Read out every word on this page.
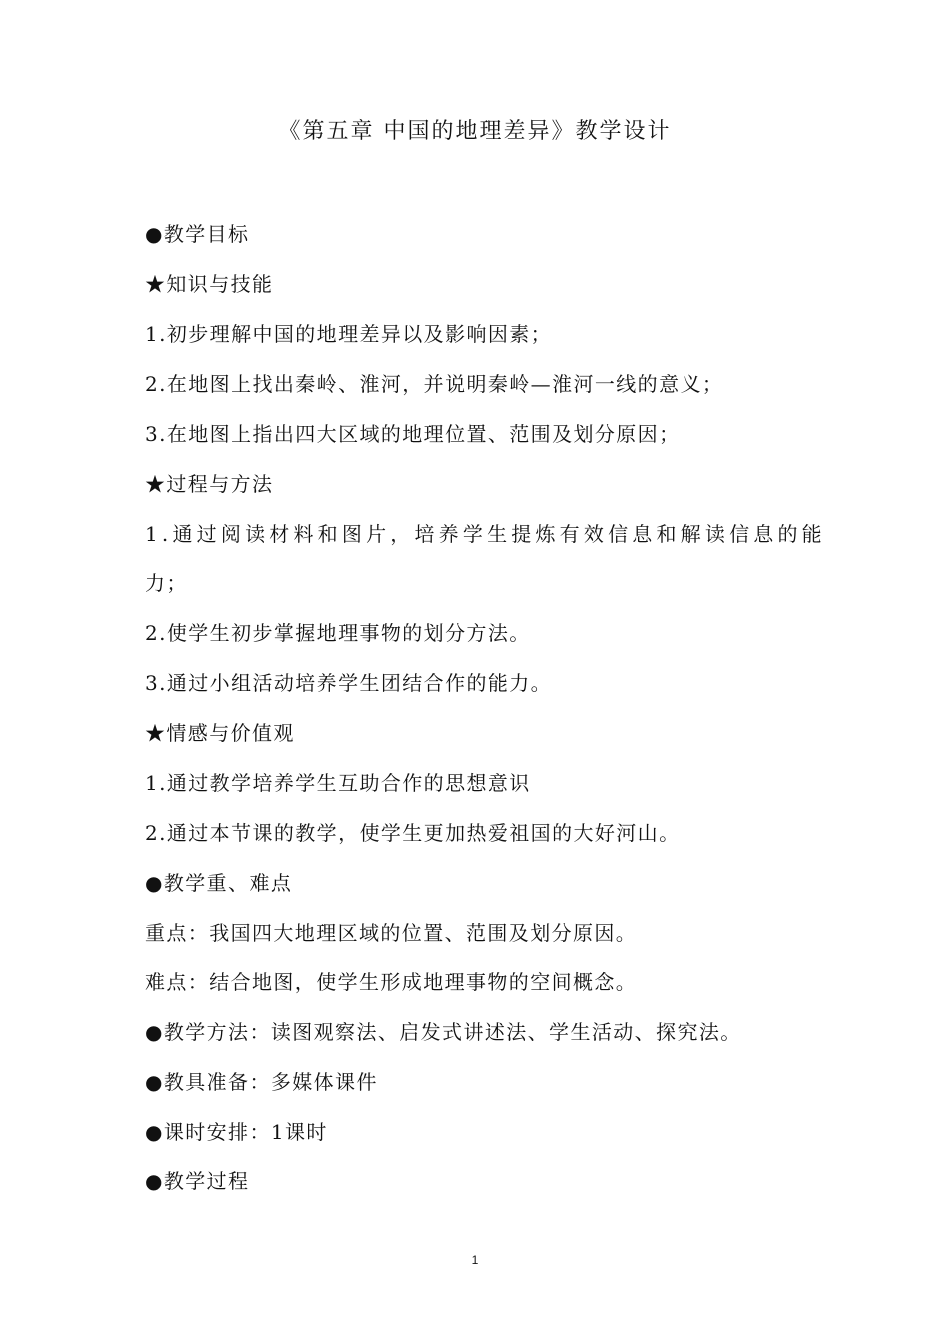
《第五章 中国的地理差异》教学设计
●教学目标
★知识与技能
1.初步理解中国的地理差异以及影响因素；
2.在地图上找出秦岭、淮河，并说明秦岭—淮河一线的意义；
3.在地图上指出四大区域的地理位置、范围及划分原因；
★过程与方法
1.通过阅读材料和图片，培养学生提炼有效信息和解读信息的能
力；
2.使学生初步掌握地理事物的划分方法。
3.通过小组活动培养学生团结合作的能力。
★情感与价值观
1.通过教学培养学生互助合作的思想意识
2.通过本节课的教学，使学生更加热爱祖国的大好河山。
●教学重、难点
重点：我国四大地理区域的位置、范围及划分原因。
难点：结合地图，使学生形成地理事物的空间概念。
●教学方法：读图观察法、启发式讲述法、学生活动、探究法。
●教具准备：多媒体课件
●课时安排：1课时
●教学过程
1
